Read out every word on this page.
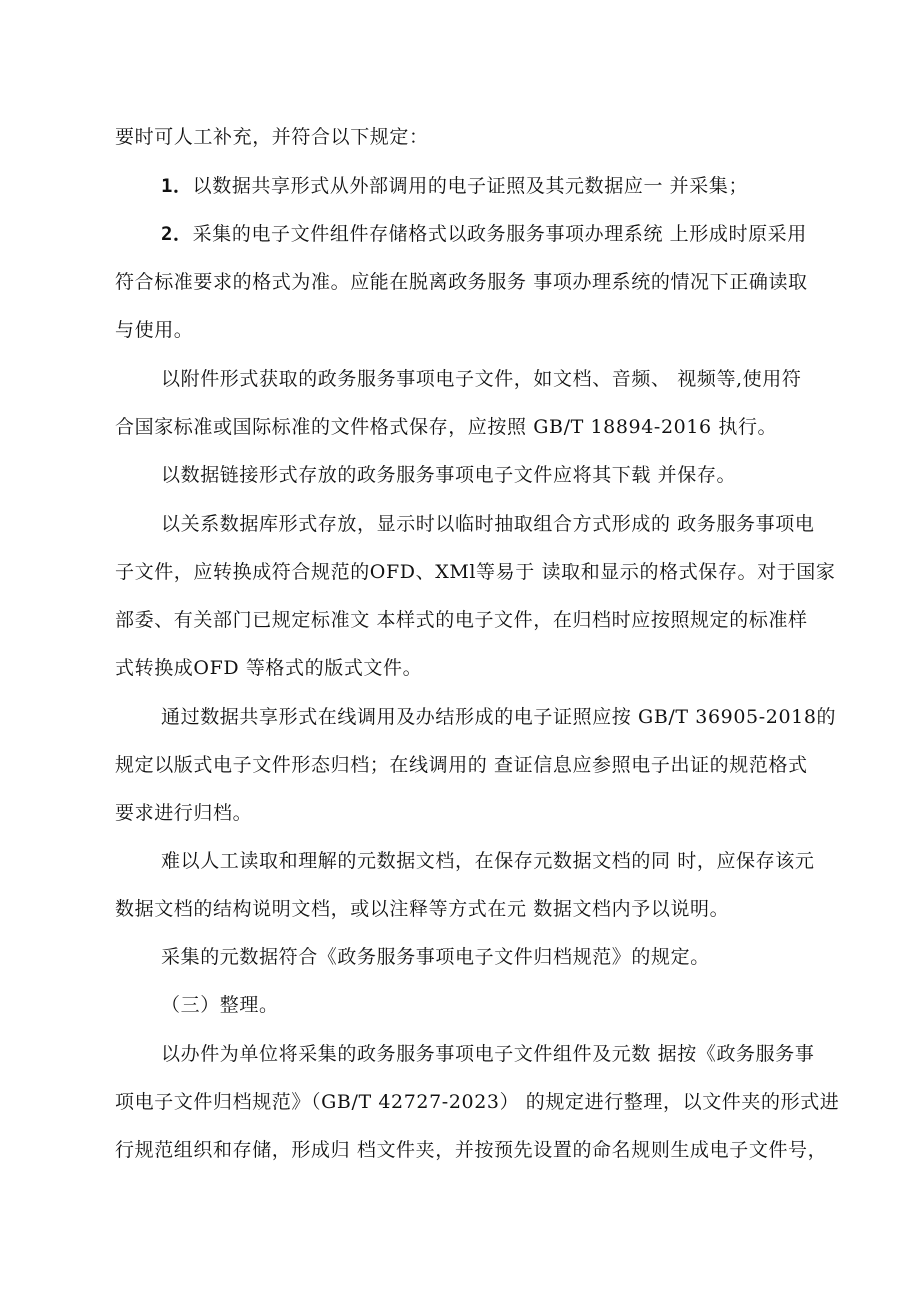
要时可人工补充，并符合以下规定：
1．以数据共享形式从外部调用的电子证照及其元数据应一 并采集；
2．采集的电子文件组件存储格式以政务服务事项办理系统 上形成时原采用
符合标准要求的格式为准。应能在脱离政务服务 事项办理系统的情况下正确读取
与使用。
以附件形式获取的政务服务事项电子文件，如文档、音频、 视频等,使用符
合国家标准或国际标准的文件格式保存，应按照 GB/T 18894-2016 执行。
以数据链接形式存放的政务服务事项电子文件应将其下载 并保存。
以关系数据库形式存放，显示时以临时抽取组合方式形成的 政务服务事项电
子文件，应转换成符合规范的OFD、XMl等易于 读取和显示的格式保存。对于国家
部委、有关部门已规定标准文 本样式的电子文件，在归档时应按照规定的标准样
式转换成OFD 等格式的版式文件。
通过数据共享形式在线调用及办结形成的电子证照应按 GB/T 36905-2018的
规定以版式电子文件形态归档；在线调用的 查证信息应参照电子出证的规范格式
要求进行归档。
难以人工读取和理解的元数据文档，在保存元数据文档的同 时，应保存该元
数据文档的结构说明文档，或以注释等方式在元 数据文档内予以说明。
采集的元数据符合《政务服务事项电子文件归档规范》的规定。
（三）整理。
以办件为单位将采集的政务服务事项电子文件组件及元数 据按《政务服务事
项电子文件归档规范》（GB/T 42727-2023） 的规定进行整理，以文件夹的形式进
行规范组织和存储，形成归 档文件夹，并按预先设置的命名规则生成电子文件号，
